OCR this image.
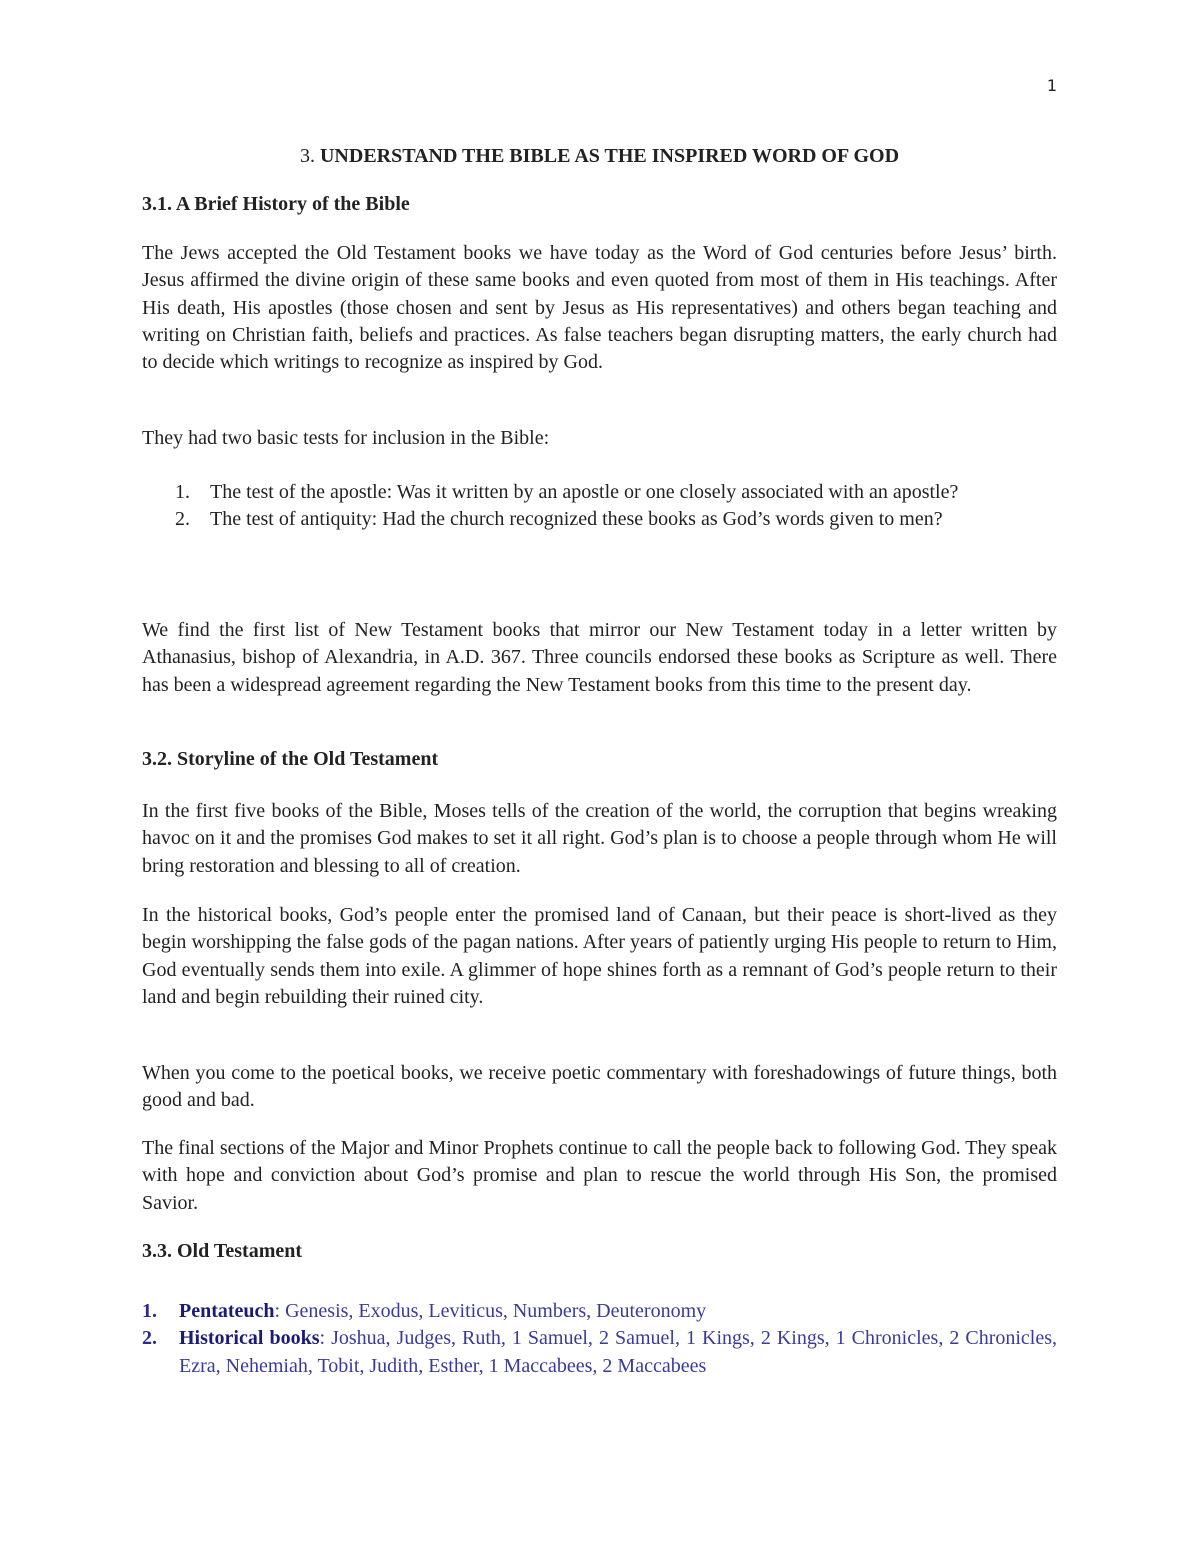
1
3. UNDERSTAND THE BIBLE AS THE INSPIRED WORD OF GOD
3.1. A Brief History of the Bible

The Jews accepted the Old Testament books we have today as the Word of God centuries before Jesus’ birth. Jesus affirmed the divine origin of these same books and even quoted from most of them in His teachings. After His death, His apostles (those chosen and sent by Jesus as His representatives) and others began teaching and writing on Christian faith, beliefs and practices. As false teachers began disrupting matters, the early church had to decide which writings to recognize as inspired by God.

They had two basic tests for inclusion in the Bible:

1. The test of the apostle: Was it written by an apostle or one closely associated with an apostle?
2. The test of antiquity: Had the church recognized these books as God’s words given to men?

We find the first list of New Testament books that mirror our New Testament today in a letter written by Athanasius, bishop of Alexandria, in A.D. 367. Three councils endorsed these books as Scripture as well. There has been a widespread agreement regarding the New Testament books from this time to the present day.

3.2. Storyline of the Old Testament

In the first five books of the Bible, Moses tells of the creation of the world, the corruption that begins wreaking havoc on it and the promises God makes to set it all right. God’s plan is to choose a people through whom He will bring restoration and blessing to all of creation.

In the historical books, God’s people enter the promised land of Canaan, but their peace is short-lived as they begin worshipping the false gods of the pagan nations. After years of patiently urging His people to return to Him, God eventually sends them into exile. A glimmer of hope shines forth as a remnant of God’s people return to their land and begin rebuilding their ruined city.

When you come to the poetical books, we receive poetic commentary with foreshadowings of future things, both good and bad.

The final sections of the Major and Minor Prophets continue to call the people back to following God. They speak with hope and conviction about God’s promise and plan to rescue the world through His Son, the promised Savior.

3.3. Old Testament
1. Pentateuch: Genesis, Exodus, Leviticus, Numbers, Deuteronomy
2. Historical books: Joshua, Judges, Ruth, 1 Samuel, 2 Samuel, 1 Kings, 2 Kings, 1 Chronicles, 2 Chronicles, Ezra, Nehemiah, Tobit, Judith, Esther, 1 Maccabees, 2 Maccabees
